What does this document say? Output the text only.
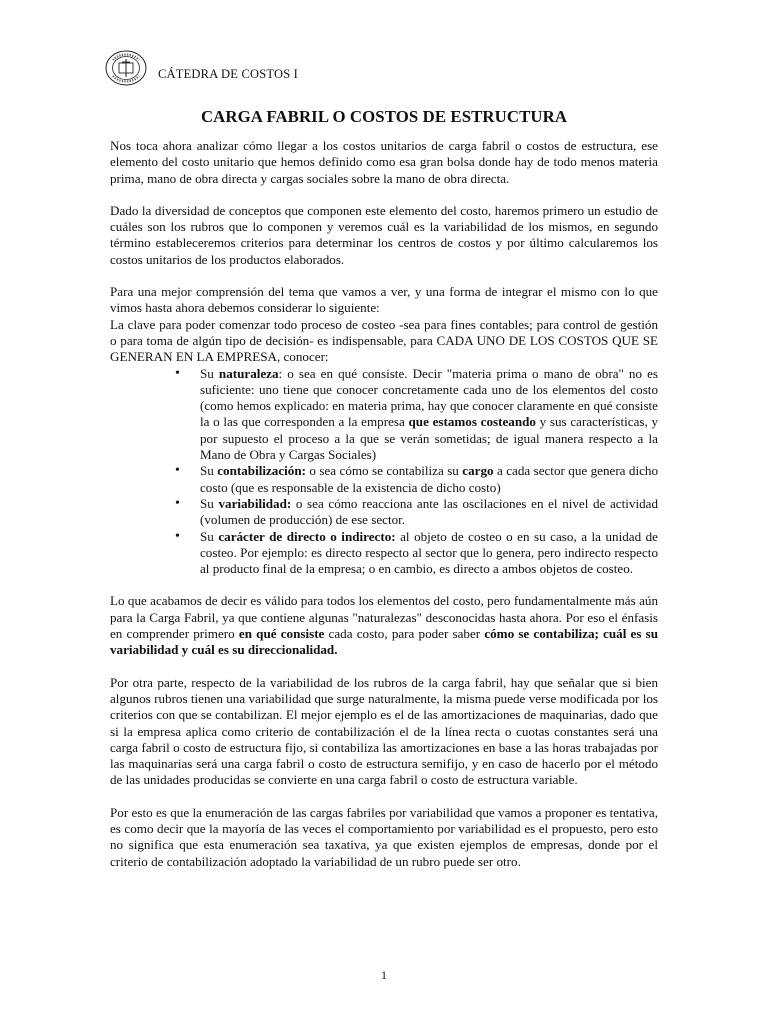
CÁTEDRA DE COSTOS I
CARGA FABRIL O COSTOS DE ESTRUCTURA

Nos toca ahora analizar cómo llegar a los costos unitarios de carga fabril o costos de estructura, ese elemento del costo unitario que hemos definido como esa gran bolsa donde hay de todo menos materia prima, mano de obra directa y cargas sociales sobre la mano de obra directa.

Dado la diversidad de conceptos que componen este elemento del costo, haremos primero un estudio de cuáles son los rubros que lo componen y veremos cuál es la variabilidad de los mismos, en segundo término estableceremos criterios para determinar los centros de costos y por último calcularemos los costos unitarios de los productos elaborados.

Para una mejor comprensión del tema que vamos a ver, y una forma de integrar el mismo con lo que vimos hasta ahora debemos considerar lo siguiente:

La clave para poder comenzar todo proceso de costeo -sea para fines contables; para control de gestión o para toma de algún tipo de decisión- es indispensable, para CADA UNO DE LOS COSTOS QUE SE GENERAN EN LA EMPRESA, conocer:

• Su naturaleza: o sea en qué consiste. Decir "materia prima o mano de obra" no es suficiente: uno tiene que conocer concretamente cada uno de los elementos del costo (como hemos explicado: en materia prima, hay que conocer claramente en qué consiste la o las que corresponden a la empresa que estamos costeando y sus características, y por supuesto el proceso a la que se verán sometidas; de igual manera respecto a la Mano de Obra y Cargas Sociales)
• Su contabilización: o sea cómo se contabiliza su cargo a cada sector que genera dicho costo (que es responsable de la existencia de dicho costo)
• Su variabilidad: o sea cómo reacciona ante las oscilaciones en el nivel de actividad (volumen de producción) de ese sector.
• Su carácter de directo o indirecto: al objeto de costeo o en su caso, a la unidad de costeo. Por ejemplo: es directo respecto al sector que lo genera, pero indirecto respecto al producto final de la empresa; o en cambio, es directo a ambos objetos de costeo.

Lo que acabamos de decir es válido para todos los elementos del costo, pero fundamentalmente más aún para la Carga Fabril, ya que contiene algunas "naturalezas" desconocidas hasta ahora. Por eso el énfasis en comprender primero en qué consiste cada costo, para poder saber cómo se contabiliza; cuál es su variabilidad y cuál es su direccionalidad.

Por otra parte, respecto de la variabilidad de los rubros de la carga fabril, hay que señalar que si bien algunos rubros tienen una variabilidad que surge naturalmente, la misma puede verse modificada por los criterios con que se contabilizan. El mejor ejemplo es el de las amortizaciones de maquinarias, dado que si la empresa aplica como criterio de contabilización el de la línea recta o cuotas constantes será una carga fabril o costo de estructura fijo, si contabiliza las amortizaciones en base a las horas trabajadas por las maquinarias será una carga fabril o costo de estructura semifijo, y en caso de hacerlo por el método de las unidades producidas se convierte en una carga fabril o costo de estructura variable.

Por esto es que la enumeración de las cargas fabriles por variabilidad que vamos a proponer es tentativa, es como decir que la mayoría de las veces el comportamiento por variabilidad es el propuesto, pero esto no significa que esta enumeración sea taxativa, ya que existen ejemplos de empresas, donde por el criterio de contabilización adoptado la variabilidad de un rubro puede ser otro.

1
